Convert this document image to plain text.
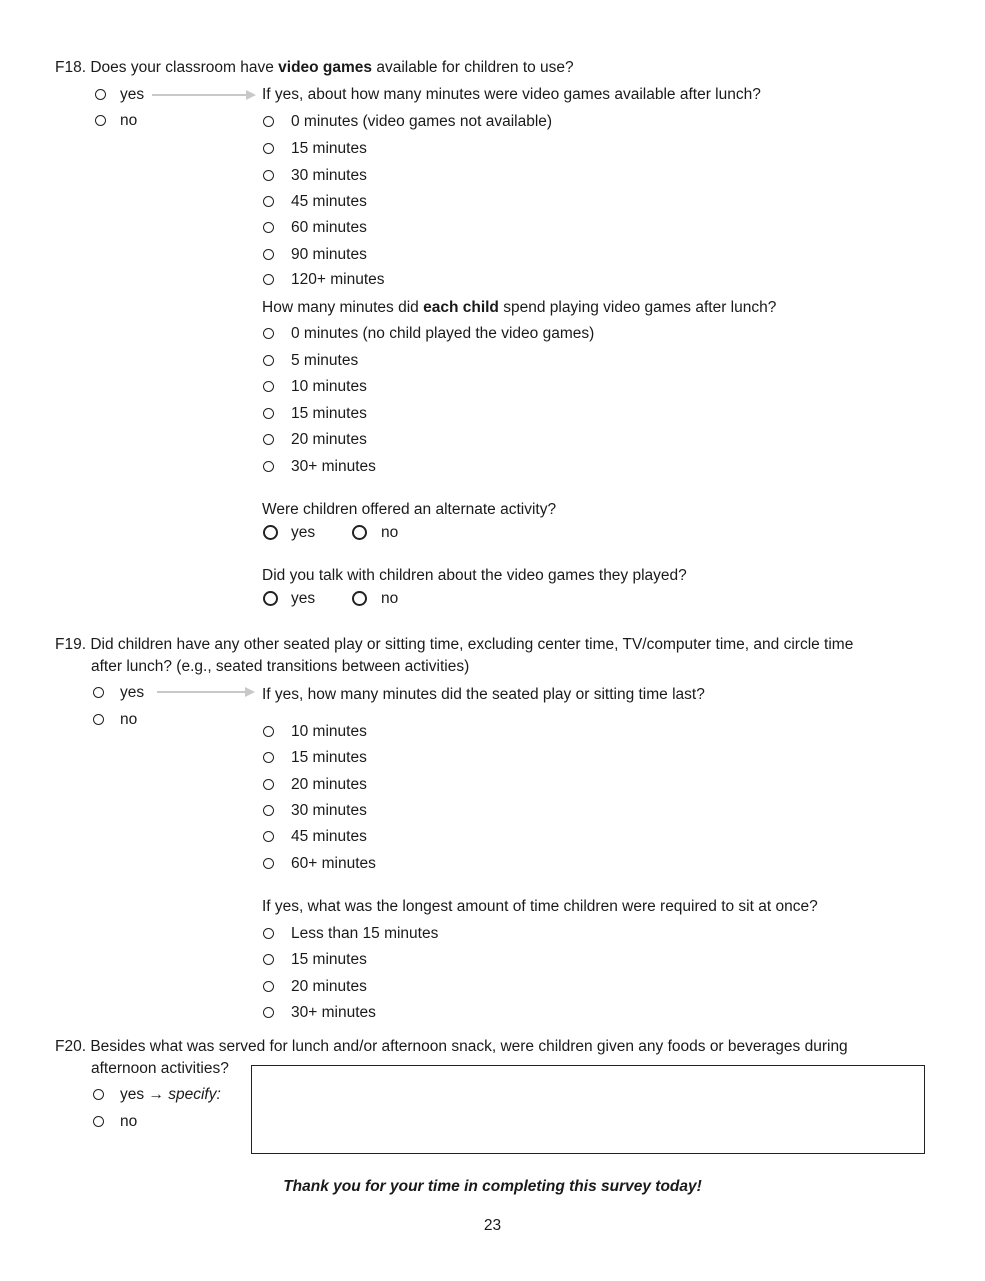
F18. Does your classroom have video games available for children to use?
yes
no
If yes, about how many minutes were video games available after lunch?
0 minutes (video games not available)
15 minutes
30 minutes
45 minutes
60 minutes
90 minutes
120+ minutes
How many minutes did each child spend playing video games after lunch?
0 minutes (no child played the video games)
5 minutes
10 minutes
15 minutes
20 minutes
30+ minutes
Were children offered an alternate activity?
yes	no
Did you talk with children about the video games they played?
yes	no
F19. Did children have any other seated play or sitting time, excluding center time, TV/computer time, and circle time
after lunch? (e.g., seated transitions between activities)
yes
no
If yes, how many minutes did the seated play or sitting time last?
10 minutes
15 minutes
20 minutes
30 minutes
45 minutes
60+ minutes
If yes, what was the longest amount of time children were required to sit at once?
Less than 15 minutes
15 minutes
20 minutes
30+ minutes
F20. Besides what was served for lunch and/or afternoon snack, were children given any foods or beverages during
afternoon activities?
yes → specify:
no
Thank you for your time in completing this survey today!
23
